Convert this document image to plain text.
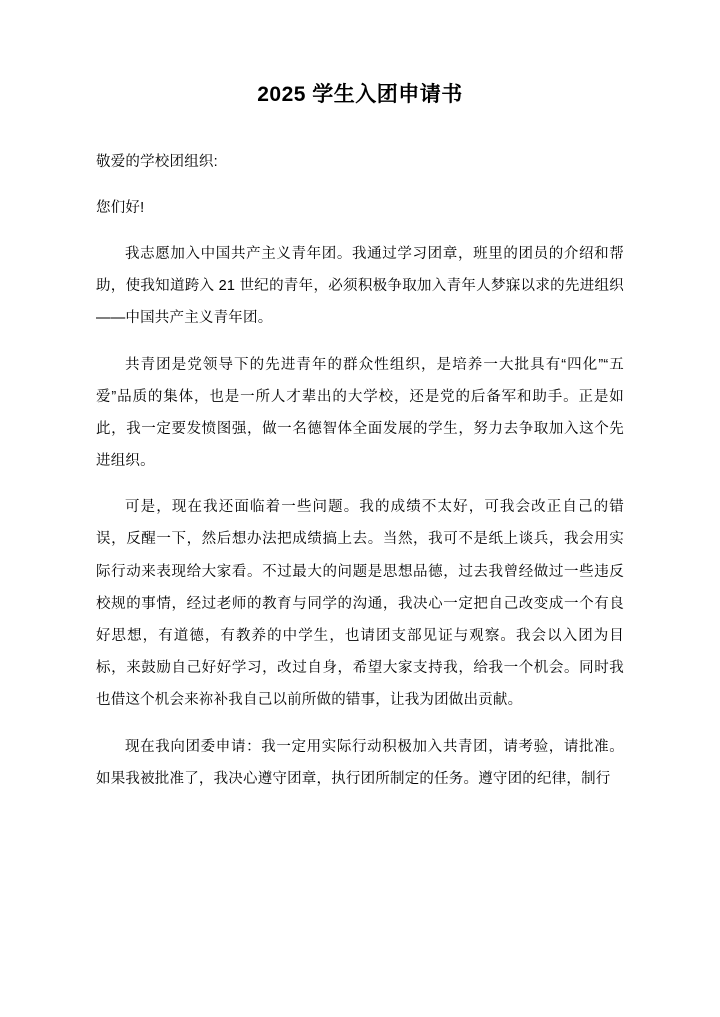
2025 学生入团申请书

敬爱的学校团组织:

您们好!

我志愿加入中国共产主义青年团。我通过学习团章，班里的团员的介绍和帮助，使我知道跨入 21 世纪的青年，必须积极争取加入青年人梦寐以求的先进组织——中国共产主义青年团。

共青团是党领导下的先进青年的群众性组织，是培养一大批具有“四化”“五爱”品质的集体，也是一所人才辈出的大学校，还是党的后备军和助手。正是如此，我一定要发愤图强，做一名德智体全面发展的学生，努力去争取加入这个先进组织。

可是，现在我还面临着一些问题。我的成绩不太好，可我会改正自己的错误，反醒一下，然后想办法把成绩搞上去。当然，我可不是纸上谈兵，我会用实际行动来表现给大家看。不过最大的问题是思想品德，过去我曾经做过一些违反校规的事情，经过老师的教育与同学的沟通，我决心一定把自己改变成一个有良好思想，有道德，有教养的中学生，也请团支部见证与观察。我会以入团为目标，来鼓励自己好好学习，改过自身，希望大家支持我，给我一个机会。同时我也借这个机会来祢补我自己以前所做的错事，让我为团做出贡献。

现在我向团委申请：我一定用实际行动积极加入共青团，请考验，请批准。如果我被批准了，我决心遵守团章，执行团所制定的任务。遵守团的纪律，制行
